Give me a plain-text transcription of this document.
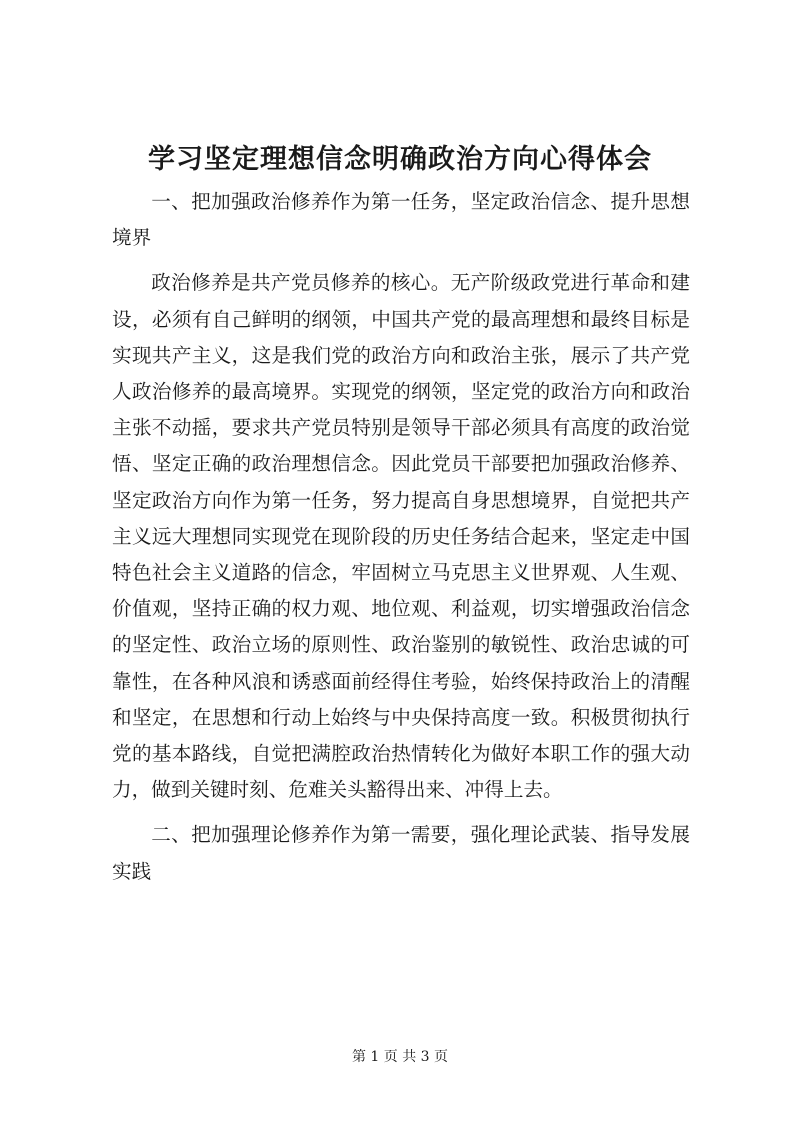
学习坚定理想信念明确政治方向心得体会

一、把加强政治修养作为第一任务，坚定政治信念、提升思想境界

政治修养是共产党员修养的核心。无产阶级政党进行革命和建设，必须有自己鲜明的纲领，中国共产党的最高理想和最终目标是实现共产主义，这是我们党的政治方向和政治主张，展示了共产党人政治修养的最高境界。实现党的纲领，坚定党的政治方向和政治主张不动摇，要求共产党员特别是领导干部必须具有高度的政治觉悟、坚定正确的政治理想信念。因此党员干部要把加强政治修养、坚定政治方向作为第一任务，努力提高自身思想境界，自觉把共产主义远大理想同实现党在现阶段的历史任务结合起来，坚定走中国特色社会主义道路的信念，牢固树立马克思主义世界观、人生观、价值观，坚持正确的权力观、地位观、利益观，切实增强政治信念的坚定性、政治立场的原则性、政治鉴别的敏锐性、政治忠诚的可靠性，在各种风浪和诱惑面前经得住考验，始终保持政治上的清醒和坚定，在思想和行动上始终与中央保持高度一致。积极贯彻执行党的基本路线，自觉把满腔政治热情转化为做好本职工作的强大动力，做到关键时刻、危难关头豁得出来、冲得上去。

二、把加强理论修养作为第一需要，强化理论武装、指导发展实践

第 1 页 共 3 页
